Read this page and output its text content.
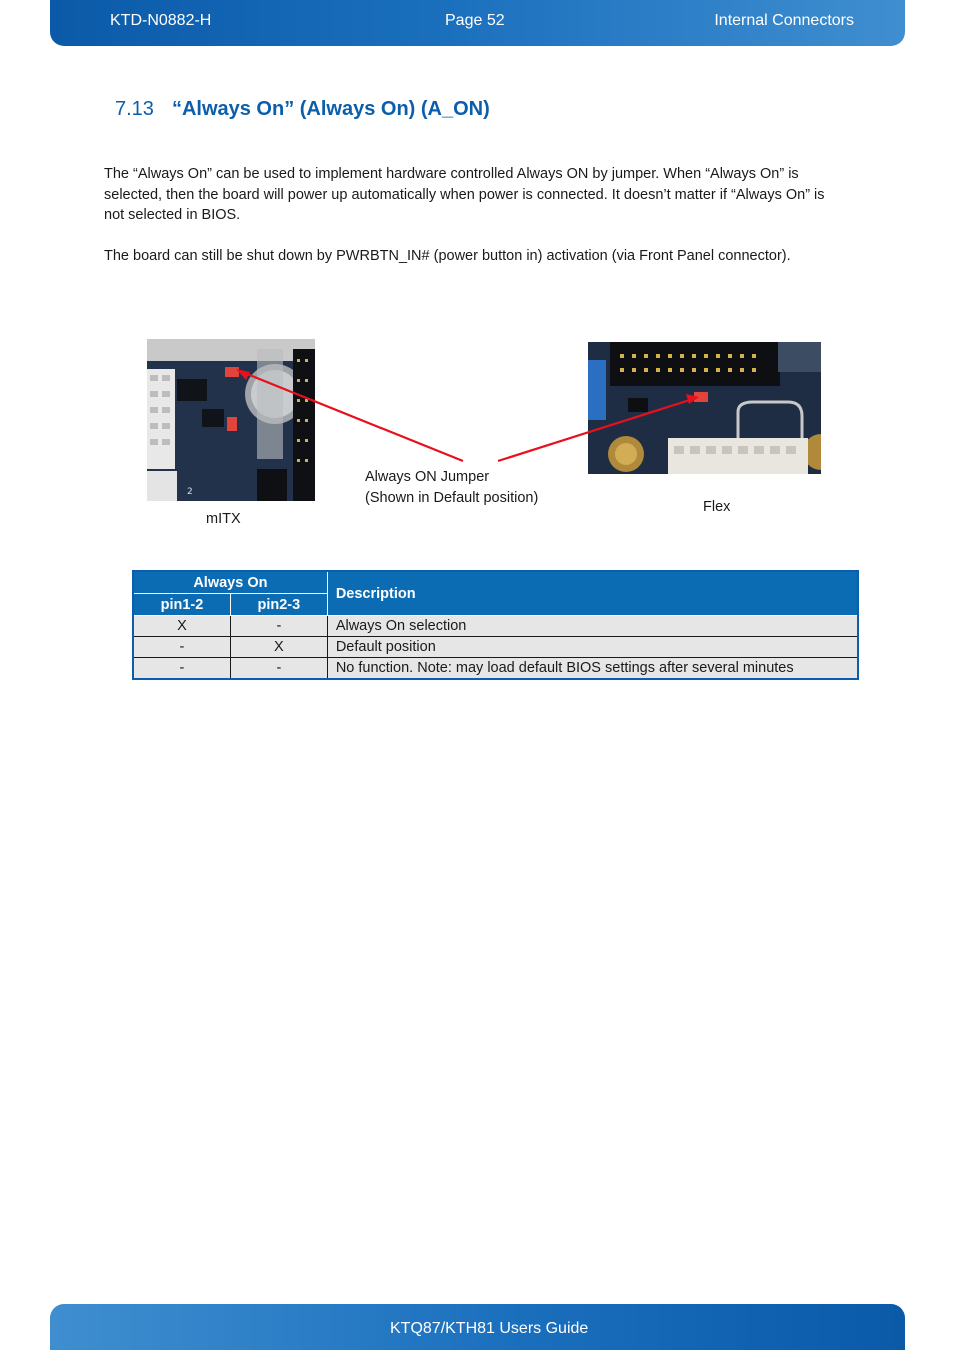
KTD-N0882-H	Page 52	Internal Connectors
7.13 “Always On” (Always On) (A_ON)
The “Always On” can be used to implement hardware controlled Always ON by jumper. When “Always On” is selected, then the board will power up automatically when power is connected. It doesn’t matter if “Always On” is not selected in BIOS.
The board can still be shut down by PWRBTN_IN# (power button in) activation (via Front Panel connector).
2
mITX
Flex
Always ON Jumper
(Shown in Default position)
Always On		Description
pin1-2	pin2-3	
X	-	Always On selection
-	X	Default position
-	-	No function. Note: may load default BIOS settings after several minutes
KTQ87/KTH81 Users Guide
